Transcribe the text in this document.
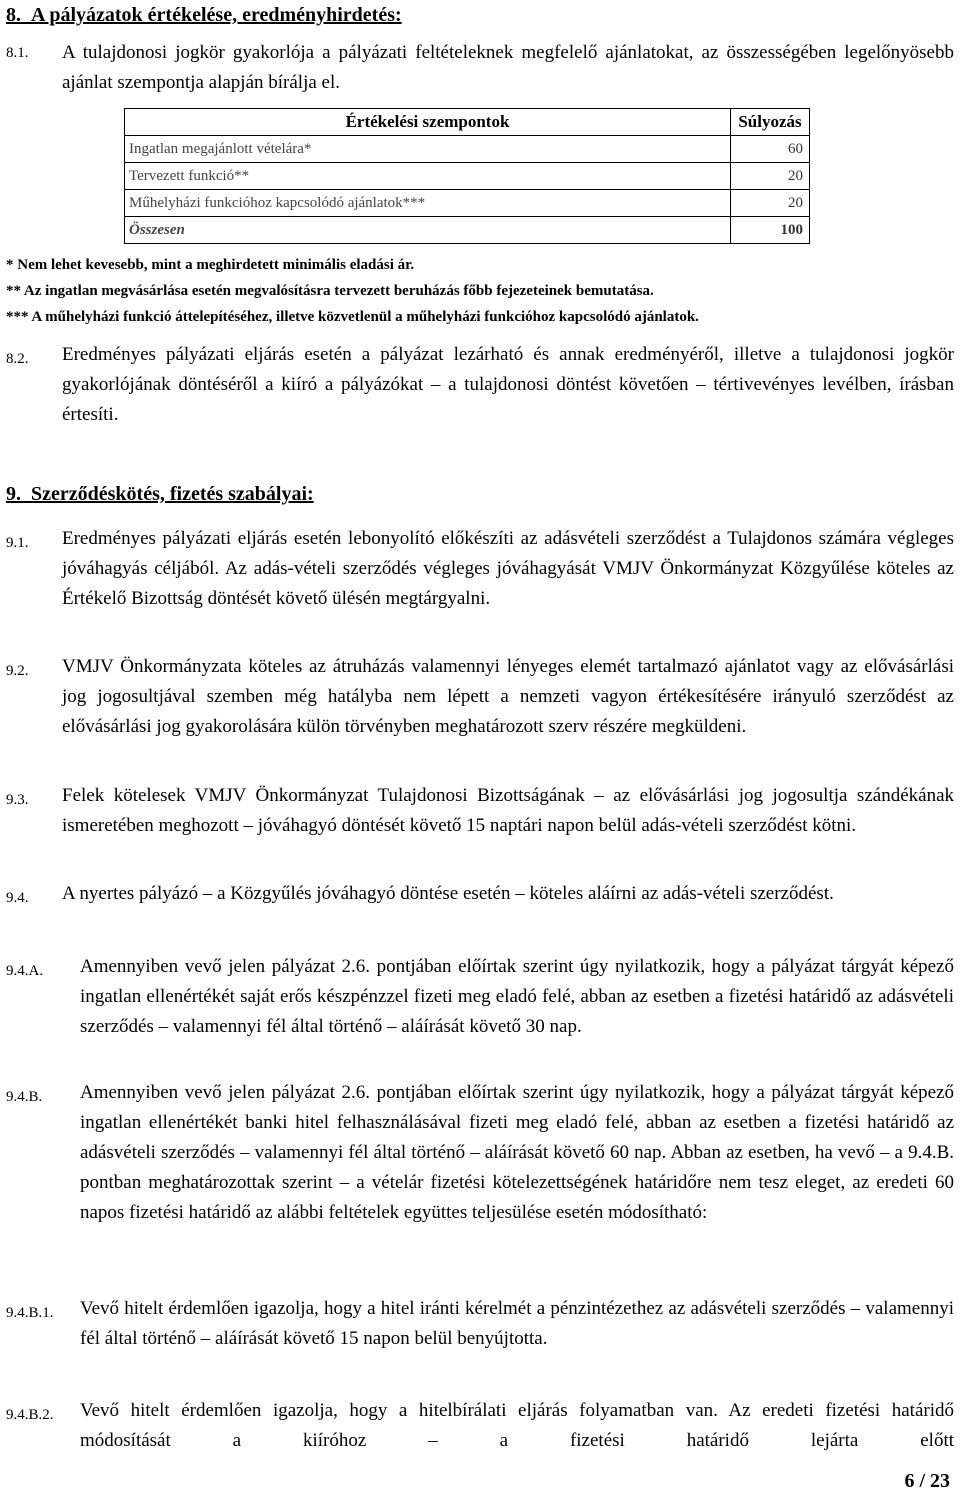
8.  A pályázatok értékelése, eredményhirdetés:
8.1.	A tulajdonosi jogkör gyakorlója a pályázati feltételeknek megfelelő ajánlatokat, az összességében legelőnyösebb ajánlat szempontja alapján bírálja el.
Értékelési szempontok	Súlyozás
Ingatlan megajánlott vételára*	60
Tervezett funkció**	20
Műhelyházi funkcióhoz kapcsolódó ajánlatok***	20
Összesen	100
* Nem lehet kevesebb, mint a meghirdetett minimális eladási ár.
** Az ingatlan megvásárlása esetén megvalósításra tervezett beruházás főbb fejezeteinek bemutatása.
*** A műhelyházi funkció áttelepítéséhez, illetve közvetlenül a műhelyházi funkcióhoz kapcsolódó ajánlatok.
8.2.	Eredményes pályázati eljárás esetén a pályázat lezárható és annak eredményéről, illetve a tulajdonosi jogkör gyakorlójának döntéséről a kiíró a pályázókat – a tulajdonosi döntést követően – tértivevényes levélben, írásban értesíti.
9.  Szerződéskötés, fizetés szabályai:
9.1.	Eredményes pályázati eljárás esetén lebonyolító előkészíti az adásvételi szerződést a Tulajdonos számára végleges jóváhagyás céljából. Az adás-vételi szerződés végleges jóváhagyását VMJV Önkormányzat Közgyűlése köteles az Értékelő Bizottság döntését követő ülésén megtárgyalni.
9.2.	VMJV Önkormányzata köteles az átruházás valamennyi lényeges elemét tartalmazó ajánlatot vagy az elővásárlási jog jogosultjával szemben még hatályba nem lépett a nemzeti vagyon értékesítésére irányuló szerződést az elővásárlási jog gyakorolására külön törvényben meghatározott szerv részére megküldeni.
9.3.	Felek kötelesek VMJV Önkormányzat Tulajdonosi Bizottságának – az elővásárlási jog jogosultja szándékának ismeretében meghozott – jóváhagyó döntését követő 15 naptári napon belül adás-vételi szerződést kötni.
9.4.	A nyertes pályázó – a Közgyűlés jóváhagyó döntése esetén – köteles aláírni az adás-vételi szerződést.
9.4.A.	Amennyiben vevő jelen pályázat 2.6. pontjában előírtak szerint úgy nyilatkozik, hogy a pályázat tárgyát képező ingatlan ellenértékét saját erős készpénzzel fizeti meg eladó felé, abban az esetben a fizetési határidő az adásvételi szerződés – valamennyi fél által történő – aláírását követő 30 nap.
9.4.B.	Amennyiben vevő jelen pályázat 2.6. pontjában előírtak szerint úgy nyilatkozik, hogy a pályázat tárgyát képező ingatlan ellenértékét banki hitel felhasználásával fizeti meg eladó felé, abban az esetben a fizetési határidő az adásvételi szerződés – valamennyi fél által történő – aláírását követő 60 nap. Abban az esetben, ha vevő – a 9.4.B. pontban meghatározottak szerint – a vételár fizetési kötelezettségének határidőre nem tesz eleget, az eredeti 60 napos fizetési határidő az alábbi feltételek együttes teljesülése esetén módosítható:
9.4.B.1.	Vevő hitelt érdemlően igazolja, hogy a hitel iránti kérelmét a pénzintézethez az adásvételi szerződés – valamennyi fél által történő – aláírását követő 15 napon belül benyújtotta.
9.4.B.2.	Vevő hitelt érdemlően igazolja, hogy a hitelbírálati eljárás folyamatban van. Az eredeti fizetési határidő módosítását a kiíróhoz – a fizetési határidő lejárta előtt
6 / 23
